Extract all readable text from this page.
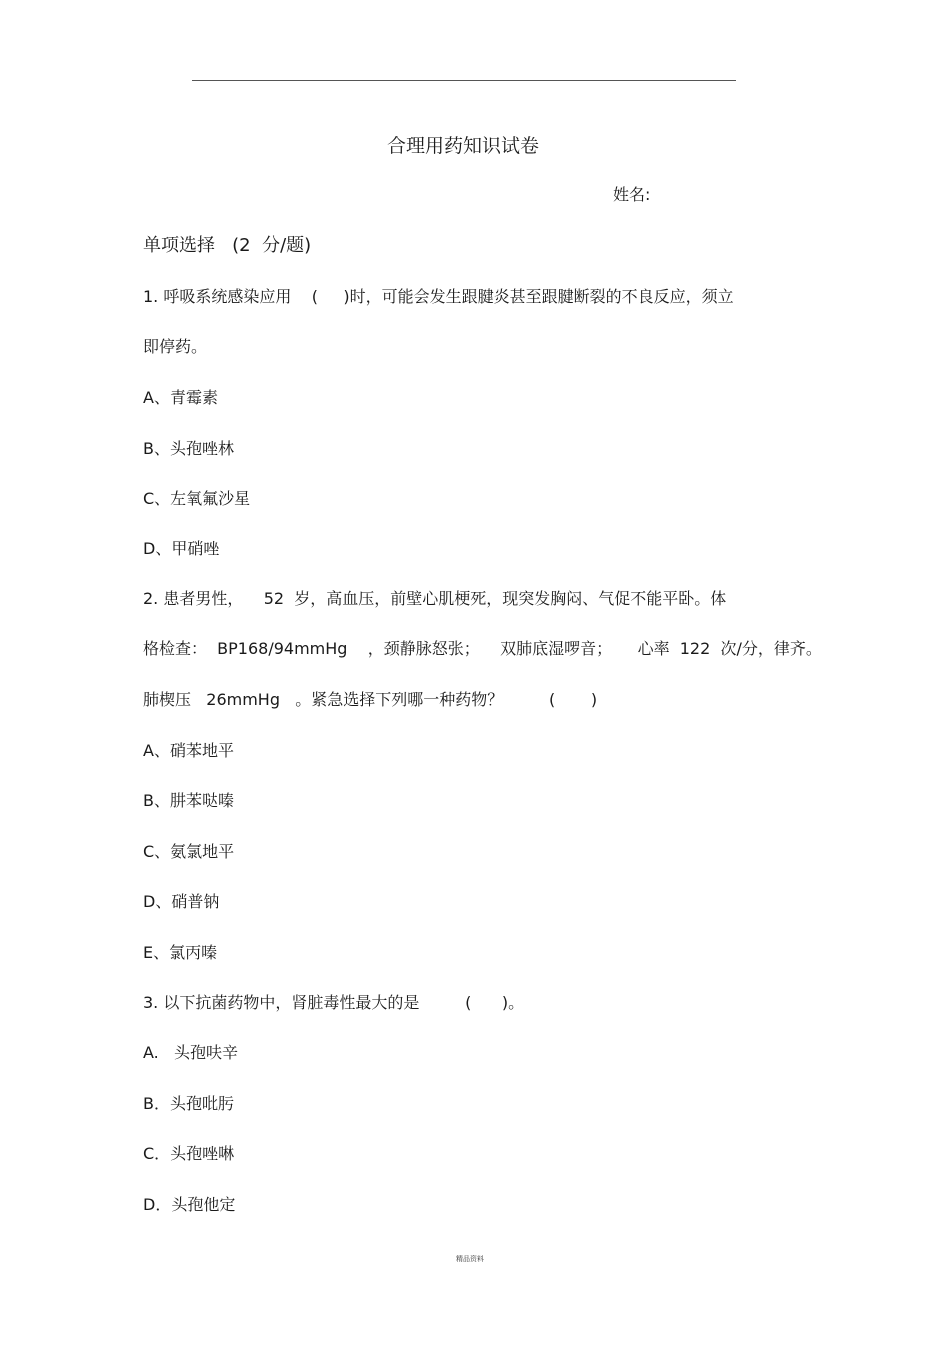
合理用药知识试卷
姓名:
单项选择   (2  分/题)
1. 呼吸系统感染应用    (     )时，可能会发生跟腱炎甚至跟腱断裂的不良反应，须立
即停药。
A、青霉素
B、头孢唑林
C、左氧氟沙星
D、甲硝唑
2. 患者男性，    52  岁，高血压，前壁心肌梗死，现突发胸闷、气促不能平卧。体
格检查：  BP168/94mmHg    ，颈静脉怒张；    双肺底湿啰音；     心率  122  次/分，律齐。
肺楔压   26mmHg   。紧急选择下列哪一种药物？         (       )
A、硝苯地平
B、肼苯哒嗪
C、氨氯地平
D、硝普钠
E、氯丙嗪
3. 以下抗菌药物中，肾脏毒性最大的是         (      )。
A.   头孢呋辛
B．头孢吡肟
C．头孢唑啉
D．头孢他定
精品资料
